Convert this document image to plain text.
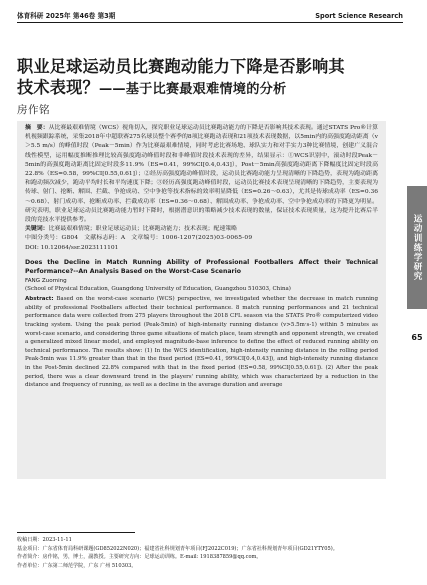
体育科研 2025年 第46卷 第3期	Sport Science Research
职业足球运动员比赛跑动能力下降是否影响其
技术表现？——基于比赛最艰难情境的分析
房作铭

摘　要：从比赛最艰难情境（WCS）视角切入，探究职业足球运动员比赛跑动能力的下降是否影响其技术表现。通过STATS Pro®计算机视频跟踪系统，采集2018年中超联赛275名球员整个赛季的8项比赛跑动表现和21项技术表现数据，以5min内的高强度跑动距离（v＞5.5 m/s）的峰值时段（Peak－5min）作为比赛最艰难情境，同时考虑比赛场地、球队实力和对手实力3种比赛情境，创建广义混合线性模型，运用幅度推断推理比较高强度跑动峰值时段和非峰值时段技术表现的差异，结果显示：①WCS识别中，滚动时段Peak－5min的高强度跑动距离比固定时段多11.9%（ES=0.41，99%CI[0.4,0.43]），Post－5min高强度跑动距离下降幅度比固定时段高22.8%（ES=0.58，99%CI[0.55,0.61]）；②经历高强度跑动峰值时段，运动员比赛跑动能力呈现清晰的下降趋势，表现为跑动距离和跑动频次减少，跑动平均时长和平均速度下降；③经历高强度跑动峰值时段，运动员比赛技术表现呈现清晰的下降趋势，主要表现为传球、射门、抢断、解围、拦截、争抢成功、空中争抢等技术指标的效率明显降低（ES=0.26～0.63），尤其是传球成功率（ES=0.36～0.68）、射门成功率、抢断成功率、拦截成功率（ES=0.36～0.68）、解围成功率、争抢成功率、空中争抢成功率的下降更为明显。研究表明，职业足球运动员比赛跑动能力暂时下降时，根据潜意识的策略减少技术表现的数量，保证技术表现质量，这为提升比赛后半段的竞技水平提供参考。

关键词：比赛最艰难情境；职业足球运动员；比赛跑动能力；技术表现；配速策略

中图分类号：G804 文献标志码：A 文章编号：1006-1207(2025)03-0065-09

DOI: 10.12064/ssr.2023111101

Does the Decline in Match Running Ability of Professional Footballers Affect their Technical Performance?--An Analysis Based on the Worst-Case Scenario
FANG Zuoming
(School of Physical Education, Guangdong University of Education, Guangzhou 510303, China)

Abstract: Based on the worst-case scenario (WCS) perspective, we investigated whether the decrease in match running ability of professional Footballers affected their technical performance. 8 match running performances and 21 technical performance data were collected from 275 players throughout the 2018 CFL season via the STATS Pro® computerized video tracking system. Using the peak period (Peak-5min) of high-intensity running distance (v>5.5m·s-1) within 5 minutes as worst-case scenario, and considering three game situations of match place, team strength and opponent strength, we created a generalized mixed linear model, and employed magnitude-base inference to define the effect of reduced running ability on technical performance. The results show: (1) In the WCS identification, high-intensity running distance in the rolling period Peak-5min was 11.9% greater than that in the fixed period (ES=0.41, 99%CI[0.4,0.43]), and high-intensity running distance in the Post-5min declined 22.8% compared with that in the fixed period (ES=0.58, 99%CI[0.55,0.61]). (2) After the peak period, there was a clear downward trend in the players' running ability, which was characterized by a reduction in the distance and frequency of running, as well as a decline in the average duration and average

运动训练学研究
65

收稿日期：2023-11-11

基金项目：广东省体育局科研课题(GD852022N020)；福建省社科规划青年项目(FJ2022C019)；广东省社科规划青年项目(GD21YTY05)。

作者简介：房作铭，男，博士，副教授。主要研究方向：足球运动训练。E-mail: 1918387859@qq.com。

作者单位：广东第二师范学院，广东 广州 510303。
